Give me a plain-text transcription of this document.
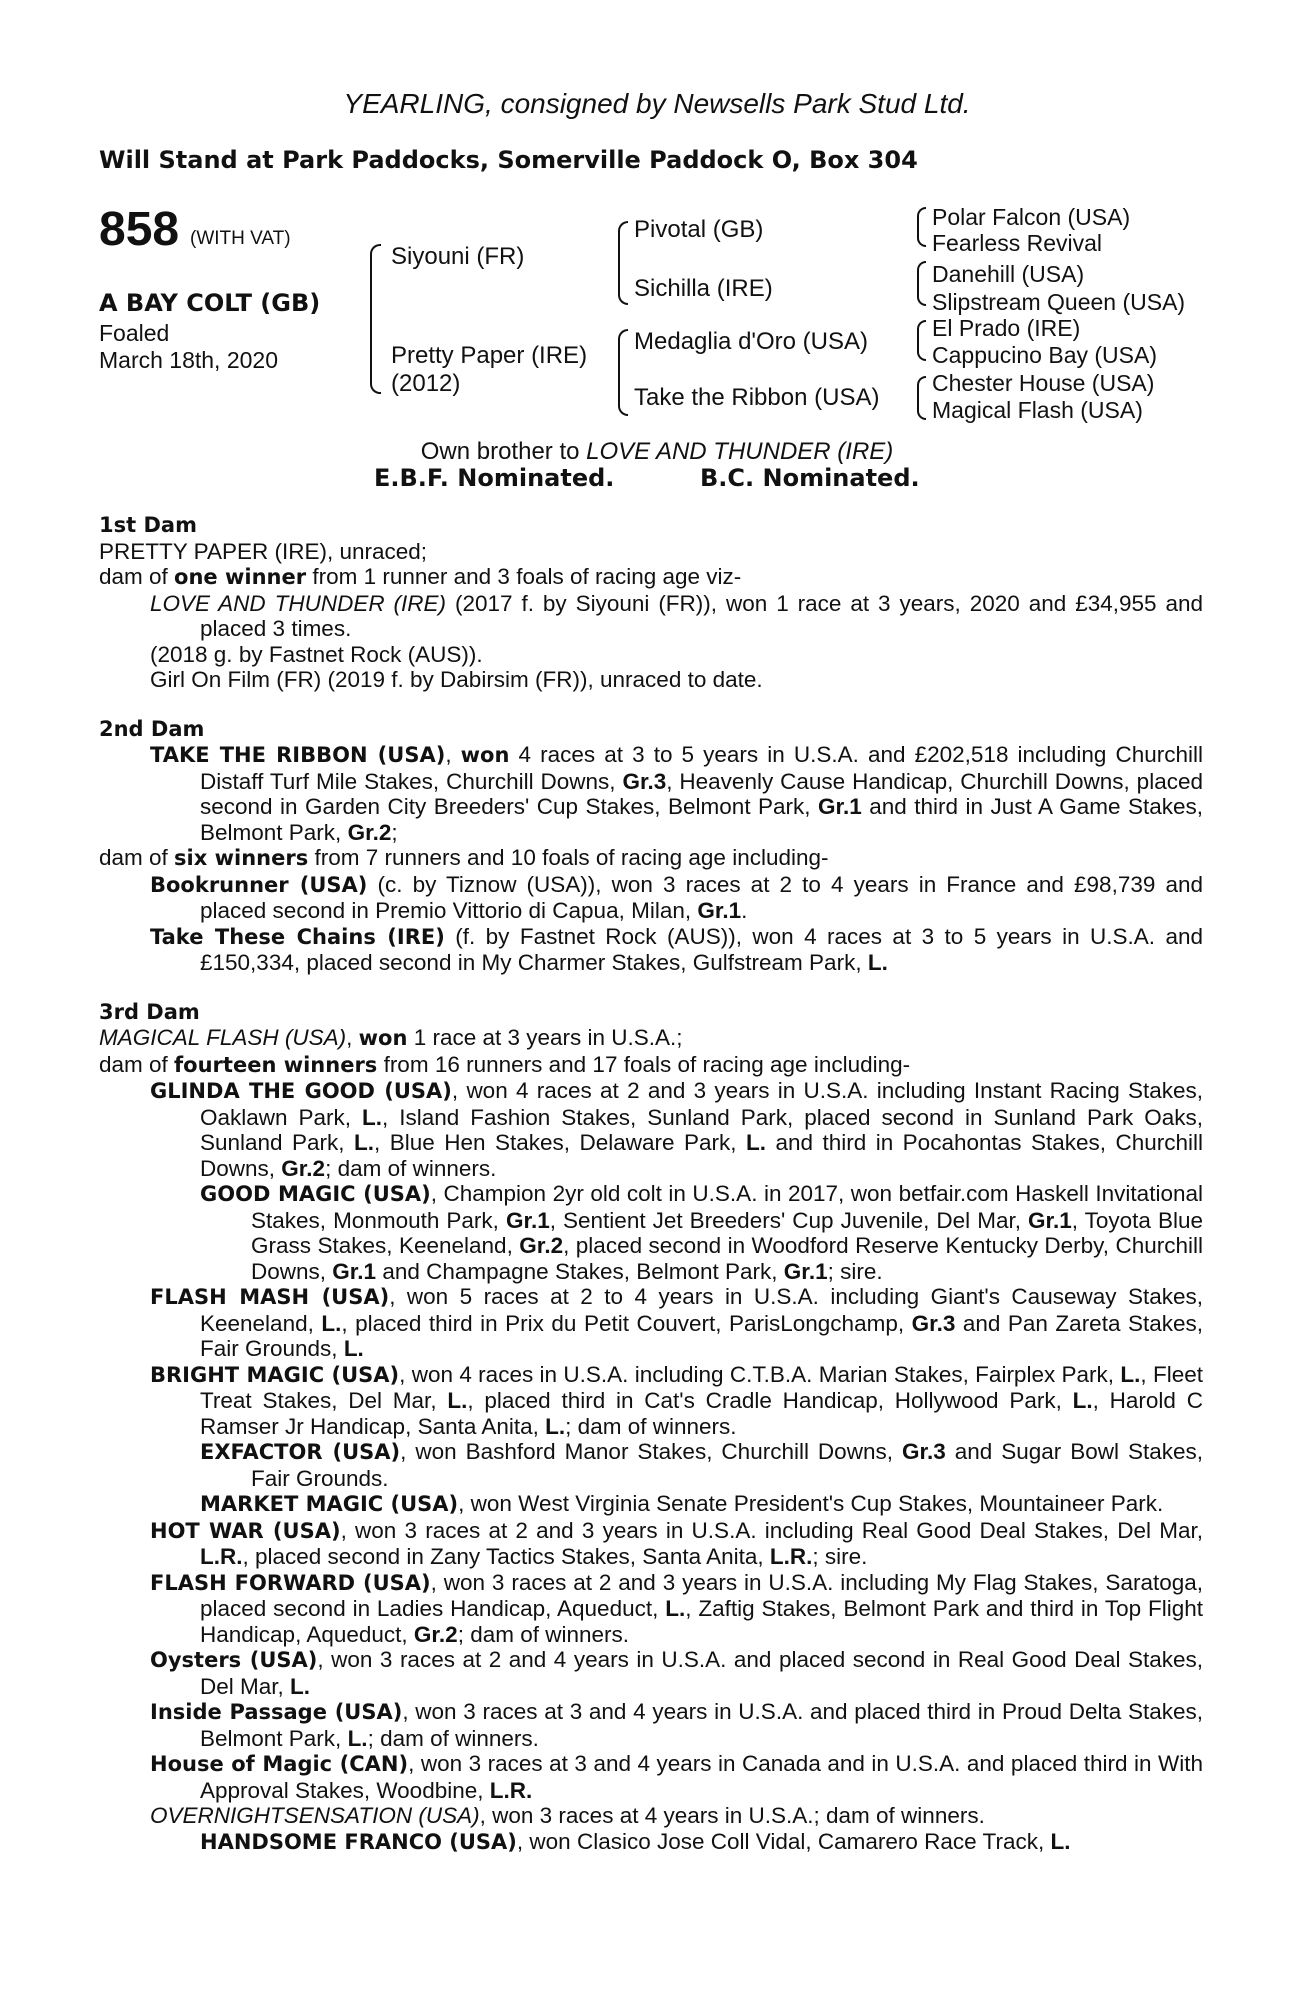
YEARLING, consigned by Newsells Park Stud Ltd.
Will Stand at Park Paddocks, Somerville Paddock O, Box 304
858 (WITH VAT)
A BAY COLT (GB)
Foaled
March 18th, 2020
Siyouni (FR)
Pretty Paper (IRE)
(2012)
Pivotal (GB)
Sichilla (IRE)
Medaglia d'Oro (USA)
Take the Ribbon (USA)
Polar Falcon (USA)
Fearless Revival
Danehill (USA)
Slipstream Queen (USA)
El Prado (IRE)
Cappucino Bay (USA)
Chester House (USA)
Magical Flash (USA)
Own brother to LOVE AND THUNDER (IRE)
E.B.F. Nominated.	B.C. Nominated.
1st Dam
PRETTY PAPER (IRE), unraced;
dam of one winner from 1 runner and 3 foals of racing age viz-
LOVE AND THUNDER (IRE) (2017 f. by Siyouni (FR)), won 1 race at 3 years, 2020 and £34,955 and placed 3 times.
(2018 g. by Fastnet Rock (AUS)).
Girl On Film (FR) (2019 f. by Dabirsim (FR)), unraced to date.
2nd Dam
TAKE THE RIBBON (USA), won 4 races at 3 to 5 years in U.S.A. and £202,518 including Churchill Distaff Turf Mile Stakes, Churchill Downs, Gr.3, Heavenly Cause Handicap, Churchill Downs, placed second in Garden City Breeders' Cup Stakes, Belmont Park, Gr.1 and third in Just A Game Stakes, Belmont Park, Gr.2;
dam of six winners from 7 runners and 10 foals of racing age including-
Bookrunner (USA) (c. by Tiznow (USA)), won 3 races at 2 to 4 years in France and £98,739 and placed second in Premio Vittorio di Capua, Milan, Gr.1.
Take These Chains (IRE) (f. by Fastnet Rock (AUS)), won 4 races at 3 to 5 years in U.S.A. and £150,334, placed second in My Charmer Stakes, Gulfstream Park, L.
3rd Dam
MAGICAL FLASH (USA), won 1 race at 3 years in U.S.A.;
dam of fourteen winners from 16 runners and 17 foals of racing age including-
GLINDA THE GOOD (USA), won 4 races at 2 and 3 years in U.S.A. including Instant Racing Stakes, Oaklawn Park, L., Island Fashion Stakes, Sunland Park, placed second in Sunland Park Oaks, Sunland Park, L., Blue Hen Stakes, Delaware Park, L. and third in Pocahontas Stakes, Churchill Downs, Gr.2; dam of winners.
GOOD MAGIC (USA), Champion 2yr old colt in U.S.A. in 2017, won betfair.com Haskell Invitational Stakes, Monmouth Park, Gr.1, Sentient Jet Breeders' Cup Juvenile, Del Mar, Gr.1, Toyota Blue Grass Stakes, Keeneland, Gr.2, placed second in Woodford Reserve Kentucky Derby, Churchill Downs, Gr.1 and Champagne Stakes, Belmont Park, Gr.1; sire.
FLASH MASH (USA), won 5 races at 2 to 4 years in U.S.A. including Giant's Causeway Stakes, Keeneland, L., placed third in Prix du Petit Couvert, ParisLongchamp, Gr.3 and Pan Zareta Stakes, Fair Grounds, L.
BRIGHT MAGIC (USA), won 4 races in U.S.A. including C.T.B.A. Marian Stakes, Fairplex Park, L., Fleet Treat Stakes, Del Mar, L., placed third in Cat's Cradle Handicap, Hollywood Park, L., Harold C Ramser Jr Handicap, Santa Anita, L.; dam of winners.
EXFACTOR (USA), won Bashford Manor Stakes, Churchill Downs, Gr.3 and Sugar Bowl Stakes, Fair Grounds.
MARKET MAGIC (USA), won West Virginia Senate President's Cup Stakes, Mountaineer Park.
HOT WAR (USA), won 3 races at 2 and 3 years in U.S.A. including Real Good Deal Stakes, Del Mar, L.R., placed second in Zany Tactics Stakes, Santa Anita, L.R.; sire.
FLASH FORWARD (USA), won 3 races at 2 and 3 years in U.S.A. including My Flag Stakes, Saratoga, placed second in Ladies Handicap, Aqueduct, L., Zaftig Stakes, Belmont Park and third in Top Flight Handicap, Aqueduct, Gr.2; dam of winners.
Oysters (USA), won 3 races at 2 and 4 years in U.S.A. and placed second in Real Good Deal Stakes, Del Mar, L.
Inside Passage (USA), won 3 races at 3 and 4 years in U.S.A. and placed third in Proud Delta Stakes, Belmont Park, L.; dam of winners.
House of Magic (CAN), won 3 races at 3 and 4 years in Canada and in U.S.A. and placed third in With Approval Stakes, Woodbine, L.R.
OVERNIGHTSENSATION (USA), won 3 races at 4 years in U.S.A.; dam of winners.
HANDSOME FRANCO (USA), won Clasico Jose Coll Vidal, Camarero Race Track, L.
